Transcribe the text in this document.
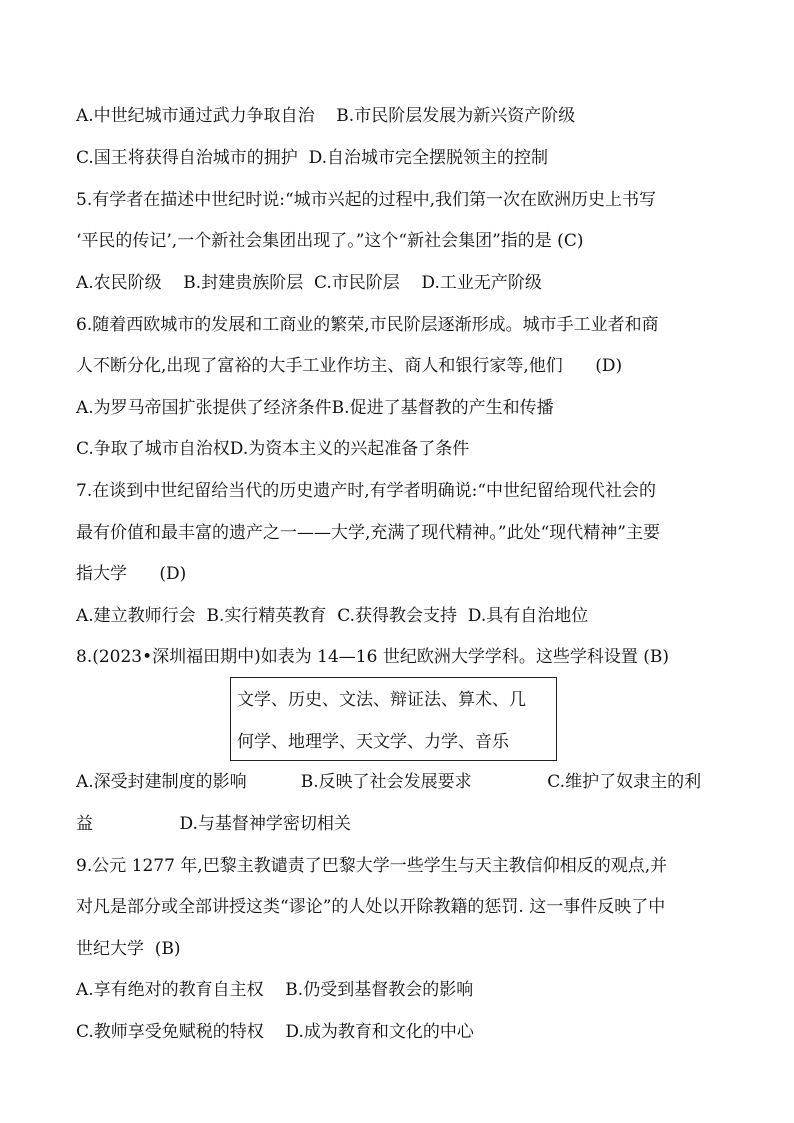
A.中世纪城市通过武力争取自治    B.市民阶层发展为新兴资产阶级
C.国王将获得自治城市的拥护  D.自治城市完全摆脱领主的控制
5.有学者在描述中世纪时说:“城市兴起的过程中,我们第一次在欧洲历史上书写
‘平民的传记’,一个新社会集团出现了。”这个“新社会集团”指的是 (C)
A.农民阶级    B.封建贵族阶层  C.市民阶层    D.工业无产阶级
6.随着西欧城市的发展和工商业的繁荣,市民阶层逐渐形成。城市手工业者和商
人不断分化,出现了富裕的大手工业作坊主、商人和银行家等,他们      (D)
A.为罗马帝国扩张提供了经济条件B.促进了基督教的产生和传播
C.争取了城市自治权D.为资本主义的兴起准备了条件
7.在谈到中世纪留给当代的历史遗产时,有学者明确说:“中世纪留给现代社会的
最有价值和最丰富的遗产之一——大学,充满了现代精神。”此处“现代精神”主要
指大学      (D)
A.建立教师行会  B.实行精英教育  C.获得教会支持  D.具有自治地位
8.(2023•深圳福田期中)如表为 14—16 世纪欧洲大学学科。这些学科设置 (B)
文学、历史、文法、辩证法、算术、几
何学、地理学、天文学、力学、音乐
A.深受封建制度的影响          B.反映了社会发展要求              C.维护了奴隶主的利
益                D.与基督神学密切相关
9.公元 1277 年,巴黎主教谴责了巴黎大学一些学生与天主教信仰相反的观点,并
对凡是部分或全部讲授这类“谬论”的人处以开除教籍的惩罚. 这一事件反映了中
世纪大学  (B)
A.享有绝对的教育自主权    B.仍受到基督教会的影响
C.教师享受免赋税的特权    D.成为教育和文化的中心
